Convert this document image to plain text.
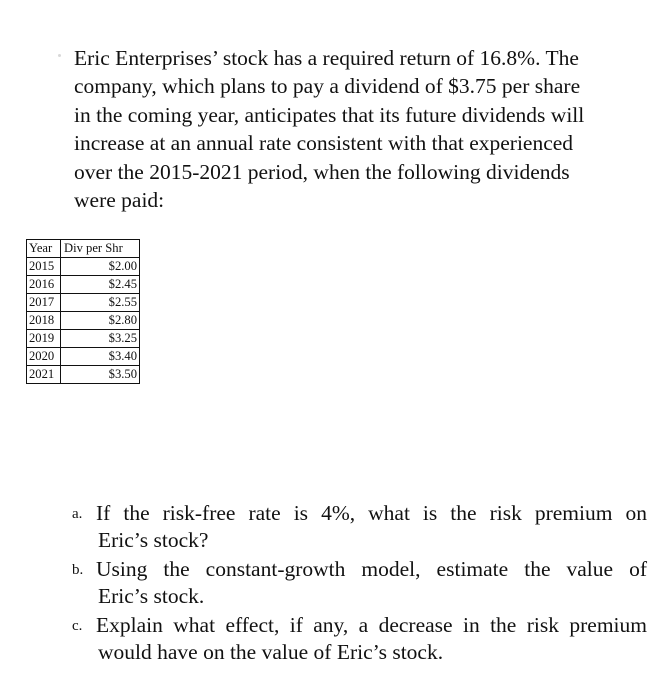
Eric Enterprises’ stock has a required return of 16.8%. The
company, which plans to pay a dividend of $3.75 per share
in the coming year, anticipates that its future dividends will
increase at an annual rate consistent with that experienced
over the 2015-2021 period, when the following dividends
were paid:
Year	Div per Shr
2015	$2.00
2016	$2.45
2017	$2.55
2018	$2.80
2019	$3.25
2020	$3.40
2021	$3.50
a. If the risk-free rate is 4%, what is the risk premium on
Eric’s stock?
b. Using the constant-growth model, estimate the value of
Eric’s stock.
c. Explain what effect, if any, a decrease in the risk premium
would have on the value of Eric’s stock.
